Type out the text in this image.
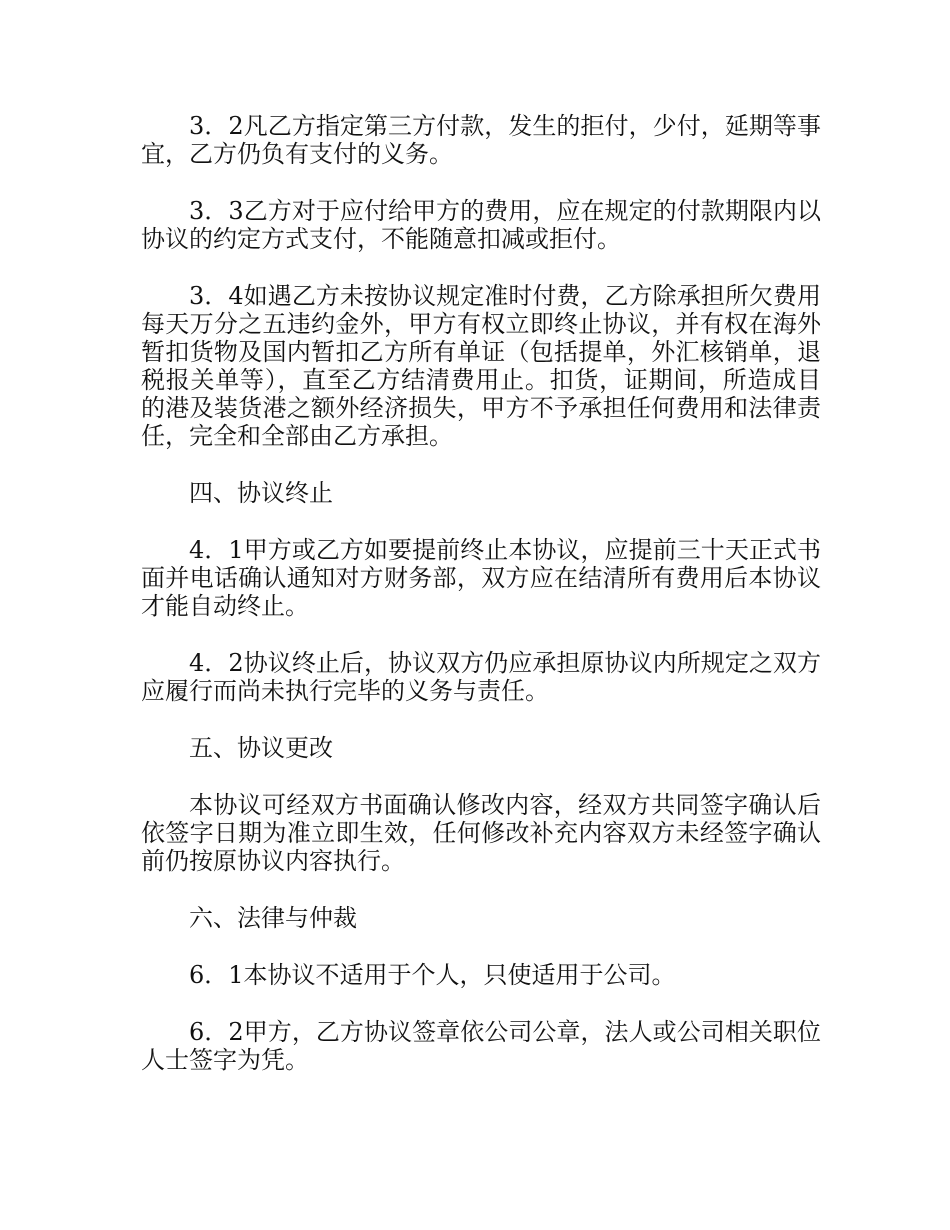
3．2凡乙方指定第三方付款，发生的拒付，少付，延期等事宜，乙方仍负有支付的义务。

3．3乙方对于应付给甲方的费用，应在规定的付款期限内以协议的约定方式支付，不能随意扣减或拒付。

3．4如遇乙方未按协议规定准时付费，乙方除承担所欠费用每天万分之五违约金外，甲方有权立即终止协议，并有权在海外暂扣货物及国内暂扣乙方所有单证（包括提单，外汇核销单，退税报关单等），直至乙方结清费用止。扣货，证期间，所造成目的港及装货港之额外经济损失，甲方不予承担任何费用和法律责任，完全和全部由乙方承担。

四、协议终止

4．1甲方或乙方如要提前终止本协议，应提前三十天正式书面并电话确认通知对方财务部，双方应在结清所有费用后本协议才能自动终止。

4．2协议终止后，协议双方仍应承担原协议内所规定之双方应履行而尚未执行完毕的义务与责任。

五、协议更改

本协议可经双方书面确认修改内容，经双方共同签字确认后依签字日期为准立即生效，任何修改补充内容双方未经签字确认前仍按原协议内容执行。

六、法律与仲裁

6．1本协议不适用于个人，只使适用于公司。

6．2甲方，乙方协议签章依公司公章，法人或公司相关职位人士签字为凭。
